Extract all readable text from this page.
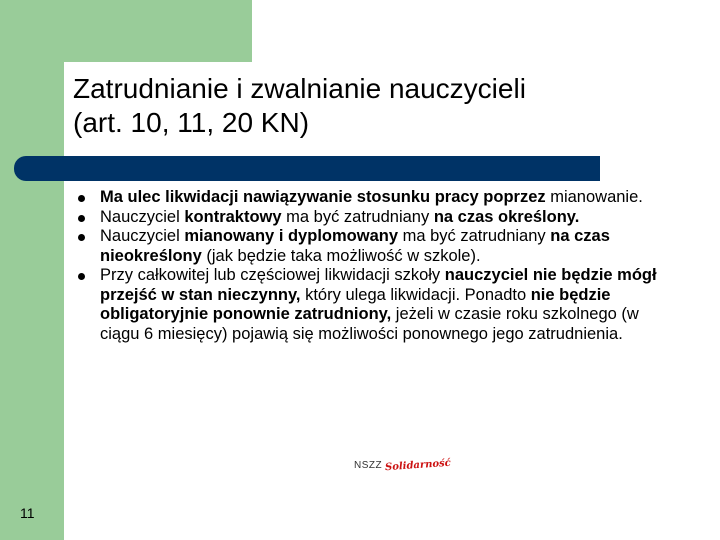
Zatrudnianie i zwalnianie nauczycieli
(art. 10, 11, 20 KN)
Ma ulec likwidacji nawiązywanie stosunku pracy poprzez mianowanie.
Nauczyciel kontraktowy ma być zatrudniany na czas określony.
Nauczyciel mianowany i dyplomowany ma być zatrudniany na czas nieokreślony (jak będzie taka możliwość w szkole).
Przy całkowitej lub częściowej likwidacji szkoły nauczyciel nie będzie mógł przejść w stan nieczynny, który ulega likwidacji. Ponadto nie będzie obligatoryjnie ponownie zatrudniony, jeżeli w czasie roku szkolnego (w ciągu 6 miesięcy) pojawią się możliwości ponownego jego zatrudnienia.
NSZZ Solidarność
11
